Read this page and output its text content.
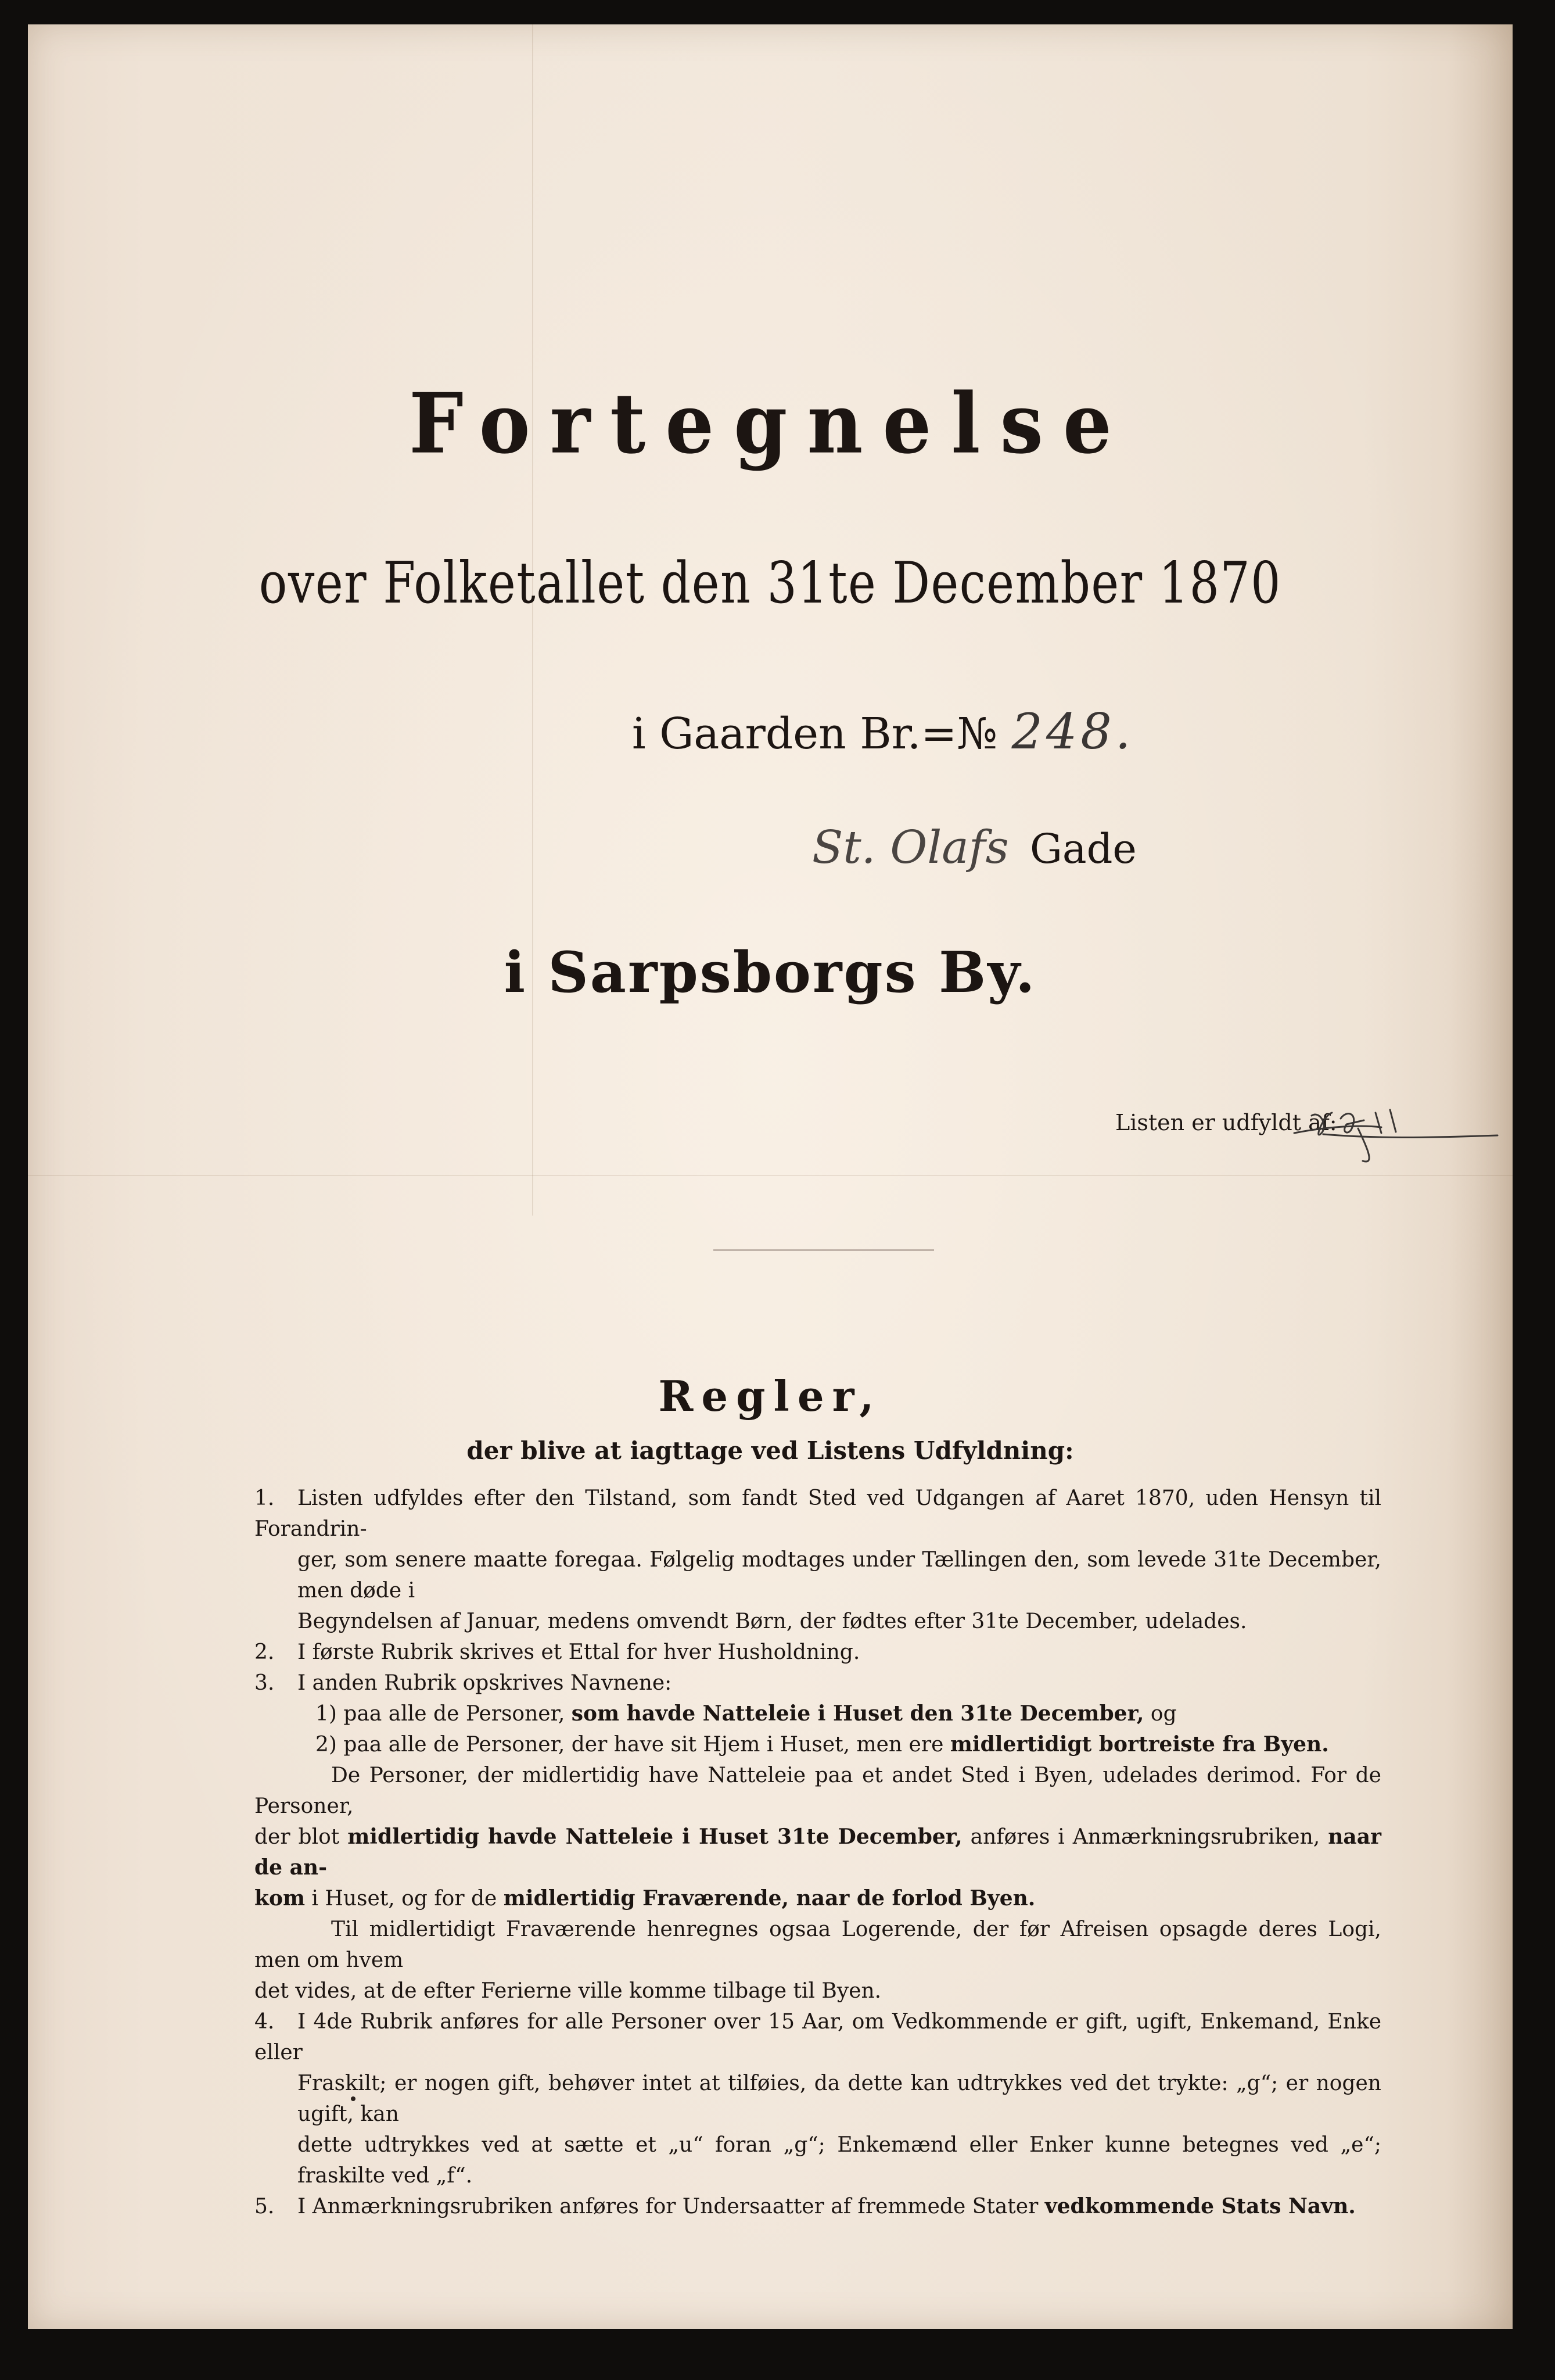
Fortegnelse
over Folketallet den 31te December 1870
i Gaarden Br.=№ 248.
St. Olafs Gade
i Sarpsborgs By.
Listen er udfyldt af:
Regler,
der blive at iagttage ved Listens Udfyldning:

1. Listen udfyldes efter den Tilstand, som fandt Sted ved Udgangen af Aaret 1870, uden Hensyn til Forandrin-

ger, som senere maatte foregaa. Følgelig modtages under Tællingen den, som levede 31te December, men døde i

Begyndelsen af Januar, medens omvendt Børn, der fødtes efter 31te December, udelades.

2. I første Rubrik skrives et Ettal for hver Husholdning.

3. I anden Rubrik opskrives Navnene:

1) paa alle de Personer, som havde Natteleie i Huset den 31te December, og

2) paa alle de Personer, der have sit Hjem i Huset, men ere midlertidigt bortreiste fra Byen.

De Personer, der midlertidig have Natteleie paa et andet Sted i Byen, udelades derimod. For de Personer,

der blot midlertidig havde Natteleie i Huset 31te December, anføres i Anmærkningsrubriken, naar de an-

kom i Huset, og for de midlertidig Fraværende, naar de forlod Byen.

Til midlertidigt Fraværende henregnes ogsaa Logerende, der før Afreisen opsagde deres Logi, men om hvem

det vides, at de efter Ferierne ville komme tilbage til Byen.

4. I 4de Rubrik anføres for alle Personer over 15 Aar, om Vedkommende er gift, ugift, Enkemand, Enke eller

Fraskilt; er nogen gift, behøver intet at tilføies, da dette kan udtrykkes ved det trykte: „g“; er nogen ugift, kan

dette udtrykkes ved at sætte et „u“ foran „g“; Enkemænd eller Enker kunne betegnes ved „e“; fraskilte ved „f“.

5. I Anmærkningsrubriken anføres for Undersaatter af fremmede Stater vedkommende Stats Navn.
